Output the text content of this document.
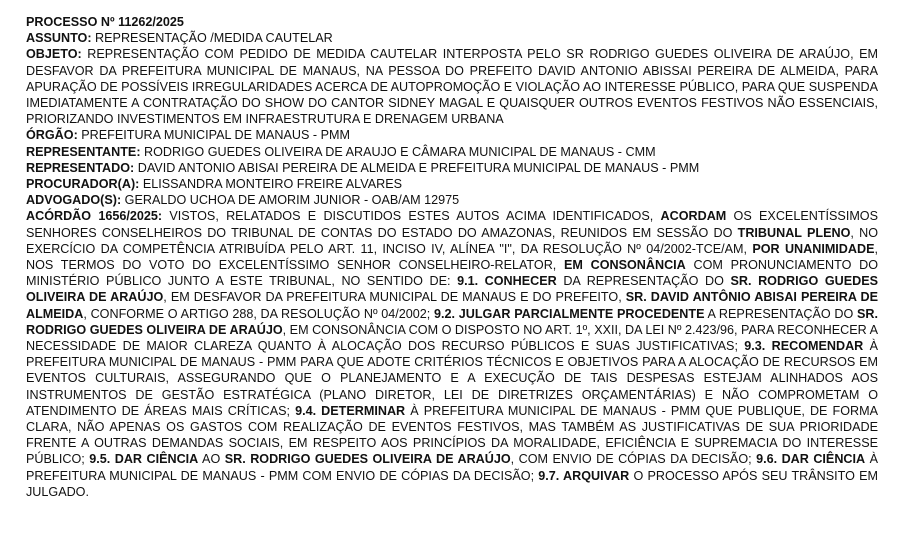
PROCESSO Nº 11262/2025

ASSUNTO: REPRESENTAÇÃO /MEDIDA CAUTELAR

OBJETO: REPRESENTAÇÃO COM PEDIDO DE MEDIDA CAUTELAR INTERPOSTA PELO SR RODRIGO GUEDES OLIVEIRA DE ARAÚJO, EM DESFAVOR DA PREFEITURA MUNICIPAL DE MANAUS, NA PESSOA DO PREFEITO DAVID ANTONIO ABISSAI PEREIRA DE ALMEIDA, PARA APURAÇÃO DE POSSÍVEIS IRREGULARIDADES ACERCA DE AUTOPROMOÇÃO E VIOLAÇÃO AO INTERESSE PÚBLICO, PARA QUE SUSPENDA IMEDIATAMENTE A CONTRATAÇÃO DO SHOW DO CANTOR SIDNEY MAGAL E QUAISQUER OUTROS EVENTOS FESTIVOS NÃO ESSENCIAIS, PRIORIZANDO INVESTIMENTOS EM INFRAESTRUTURA E DRENAGEM URBANA

ÓRGÃO: PREFEITURA MUNICIPAL DE MANAUS - PMM

REPRESENTANTE: RODRIGO GUEDES OLIVEIRA DE ARAUJO E CÂMARA MUNICIPAL DE MANAUS - CMM

REPRESENTADO: DAVID ANTONIO ABISAI PEREIRA DE ALMEIDA E PREFEITURA MUNICIPAL DE MANAUS - PMM

PROCURADOR(A): ELISSANDRA MONTEIRO FREIRE ALVARES

ADVOGADO(S): GERALDO UCHOA DE AMORIM JUNIOR - OAB/AM 12975

ACÓRDÃO 1656/2025: VISTOS, RELATADOS E DISCUTIDOS ESTES AUTOS ACIMA IDENTIFICADOS, ACORDAM OS EXCELENTÍSSIMOS SENHORES CONSELHEIROS DO TRIBUNAL DE CONTAS DO ESTADO DO AMAZONAS, REUNIDOS EM SESSÃO DO TRIBUNAL PLENO, NO EXERCÍCIO DA COMPETÊNCIA ATRIBUÍDA PELO ART. 11, INCISO IV, ALÍNEA "I", DA RESOLUÇÃO Nº 04/2002-TCE/AM, POR UNANIMIDADE, NOS TERMOS DO VOTO DO EXCELENTÍSSIMO SENHOR CONSELHEIRO-RELATOR, EM CONSONÂNCIA COM PRONUNCIAMENTO DO MINISTÉRIO PÚBLICO JUNTO A ESTE TRIBUNAL, NO SENTIDO DE: 9.1. CONHECER DA REPRESENTAÇÃO DO SR. RODRIGO GUEDES OLIVEIRA DE ARAÚJO, EM DESFAVOR DA PREFEITURA MUNICIPAL DE MANAUS E DO PREFEITO, SR. DAVID ANTÔNIO ABISAI PEREIRA DE ALMEIDA, CONFORME O ARTIGO 288, DA RESOLUÇÃO Nº 04/2002; 9.2. JULGAR PARCIALMENTE PROCEDENTE A REPRESENTAÇÃO DO SR. RODRIGO GUEDES OLIVEIRA DE ARAÚJO, EM CONSONÂNCIA COM O DISPOSTO NO ART. 1º, XXII, DA LEI Nº 2.423/96, PARA RECONHECER A NECESSIDADE DE MAIOR CLAREZA QUANTO À ALOCAÇÃO DOS RECURSO PÚBLICOS E SUAS JUSTIFICATIVAS; 9.3. RECOMENDAR À PREFEITURA MUNICIPAL DE MANAUS - PMM PARA QUE ADOTE CRITÉRIOS TÉCNICOS E OBJETIVOS PARA A ALOCAÇÃO DE RECURSOS EM EVENTOS CULTURAIS, ASSEGURANDO QUE O PLANEJAMENTO E A EXECUÇÃO DE TAIS DESPESAS ESTEJAM ALINHADOS AOS INSTRUMENTOS DE GESTÃO ESTRATÉGICA (PLANO DIRETOR, LEI DE DIRETRIZES ORÇAMENTÁRIAS) E NÃO COMPROMETAM O ATENDIMENTO DE ÁREAS MAIS CRÍTICAS; 9.4. DETERMINAR À PREFEITURA MUNICIPAL DE MANAUS - PMM QUE PUBLIQUE, DE FORMA CLARA, NÃO APENAS OS GASTOS COM REALIZAÇÃO DE EVENTOS FESTIVOS, MAS TAMBÉM AS JUSTIFICATIVAS DE SUA PRIORIDADE FRENTE A OUTRAS DEMANDAS SOCIAIS, EM RESPEITO AOS PRINCÍPIOS DA MORALIDADE, EFICIÊNCIA E SUPREMACIA DO INTERESSE PÚBLICO; 9.5. DAR CIÊNCIA AO SR. RODRIGO GUEDES OLIVEIRA DE ARAÚJO, COM ENVIO DE CÓPIAS DA DECISÃO; 9.6. DAR CIÊNCIA À PREFEITURA MUNICIPAL DE MANAUS - PMM COM ENVIO DE CÓPIAS DA DECISÃO; 9.7. ARQUIVAR O PROCESSO APÓS SEU TRÂNSITO EM JULGADO.
